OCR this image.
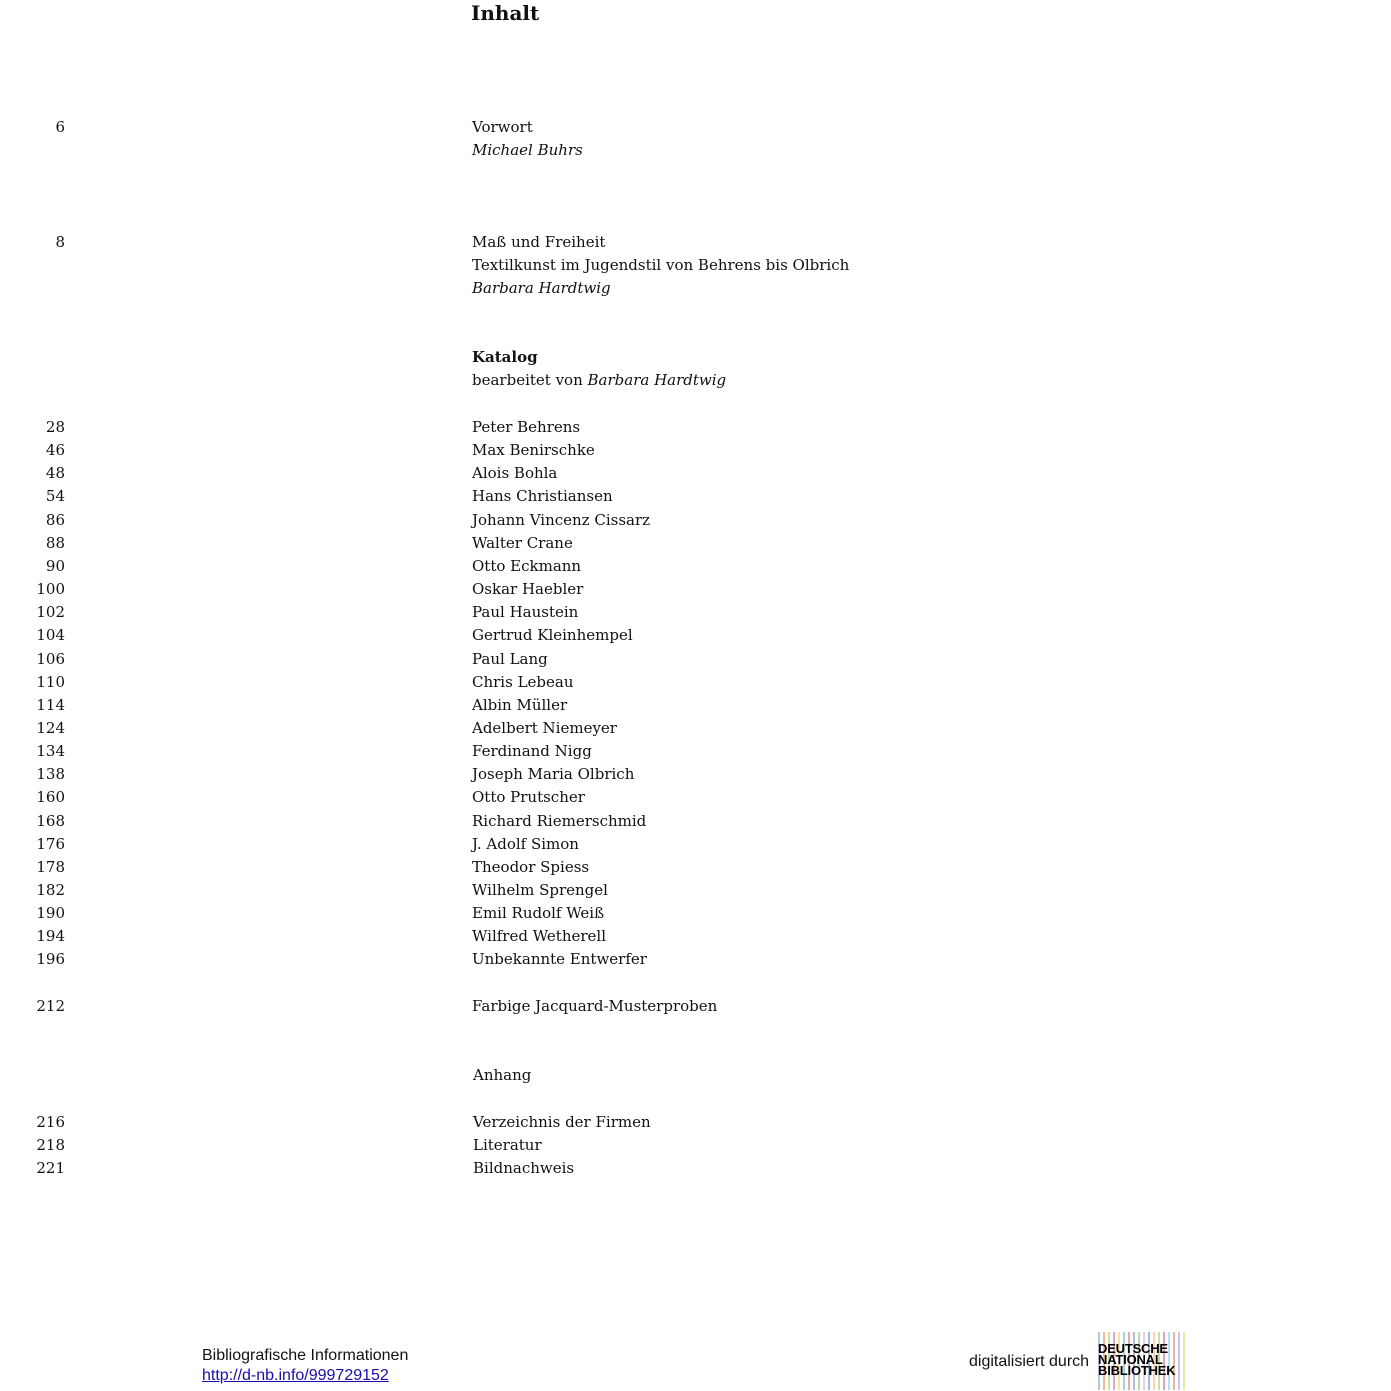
Inhalt
6	Vorwort
Michael Buhrs
8	Maß und Freiheit
Textilkunst im Jugendstil von Behrens bis Olbrich
Barbara Hardtwig
Katalog
bearbeitet von Barbara Hardtwig
28	Peter Behrens
46	Max Benirschke
48	Alois Bohla
54	Hans Christiansen
86	Johann Vincenz Cissarz
88	Walter Crane
90	Otto Eckmann
100	Oskar Haebler
102	Paul Haustein
104	Gertrud Kleinhempel
106	Paul Lang
110	Chris Lebeau
114	Albin Müller
124	Adelbert Niemeyer
134	Ferdinand Nigg
138	Joseph Maria Olbrich
160	Otto Prutscher
168	Richard Riemerschmid
176	J. Adolf Simon
178	Theodor Spiess
182	Wilhelm Sprengel
190	Emil Rudolf Weiß
194	Wilfred Wetherell
196	Unbekannte Entwerfer
212	Farbige Jacquard-Musterproben
Anhang
216	Verzeichnis der Firmen
218	Literatur
221	Bildnachweis
Bibliografische Informationen
http://d-nb.info/999729152
digitalisiert durch
DEUTSCHE
NATIONAL
BIBLIOTHEK
